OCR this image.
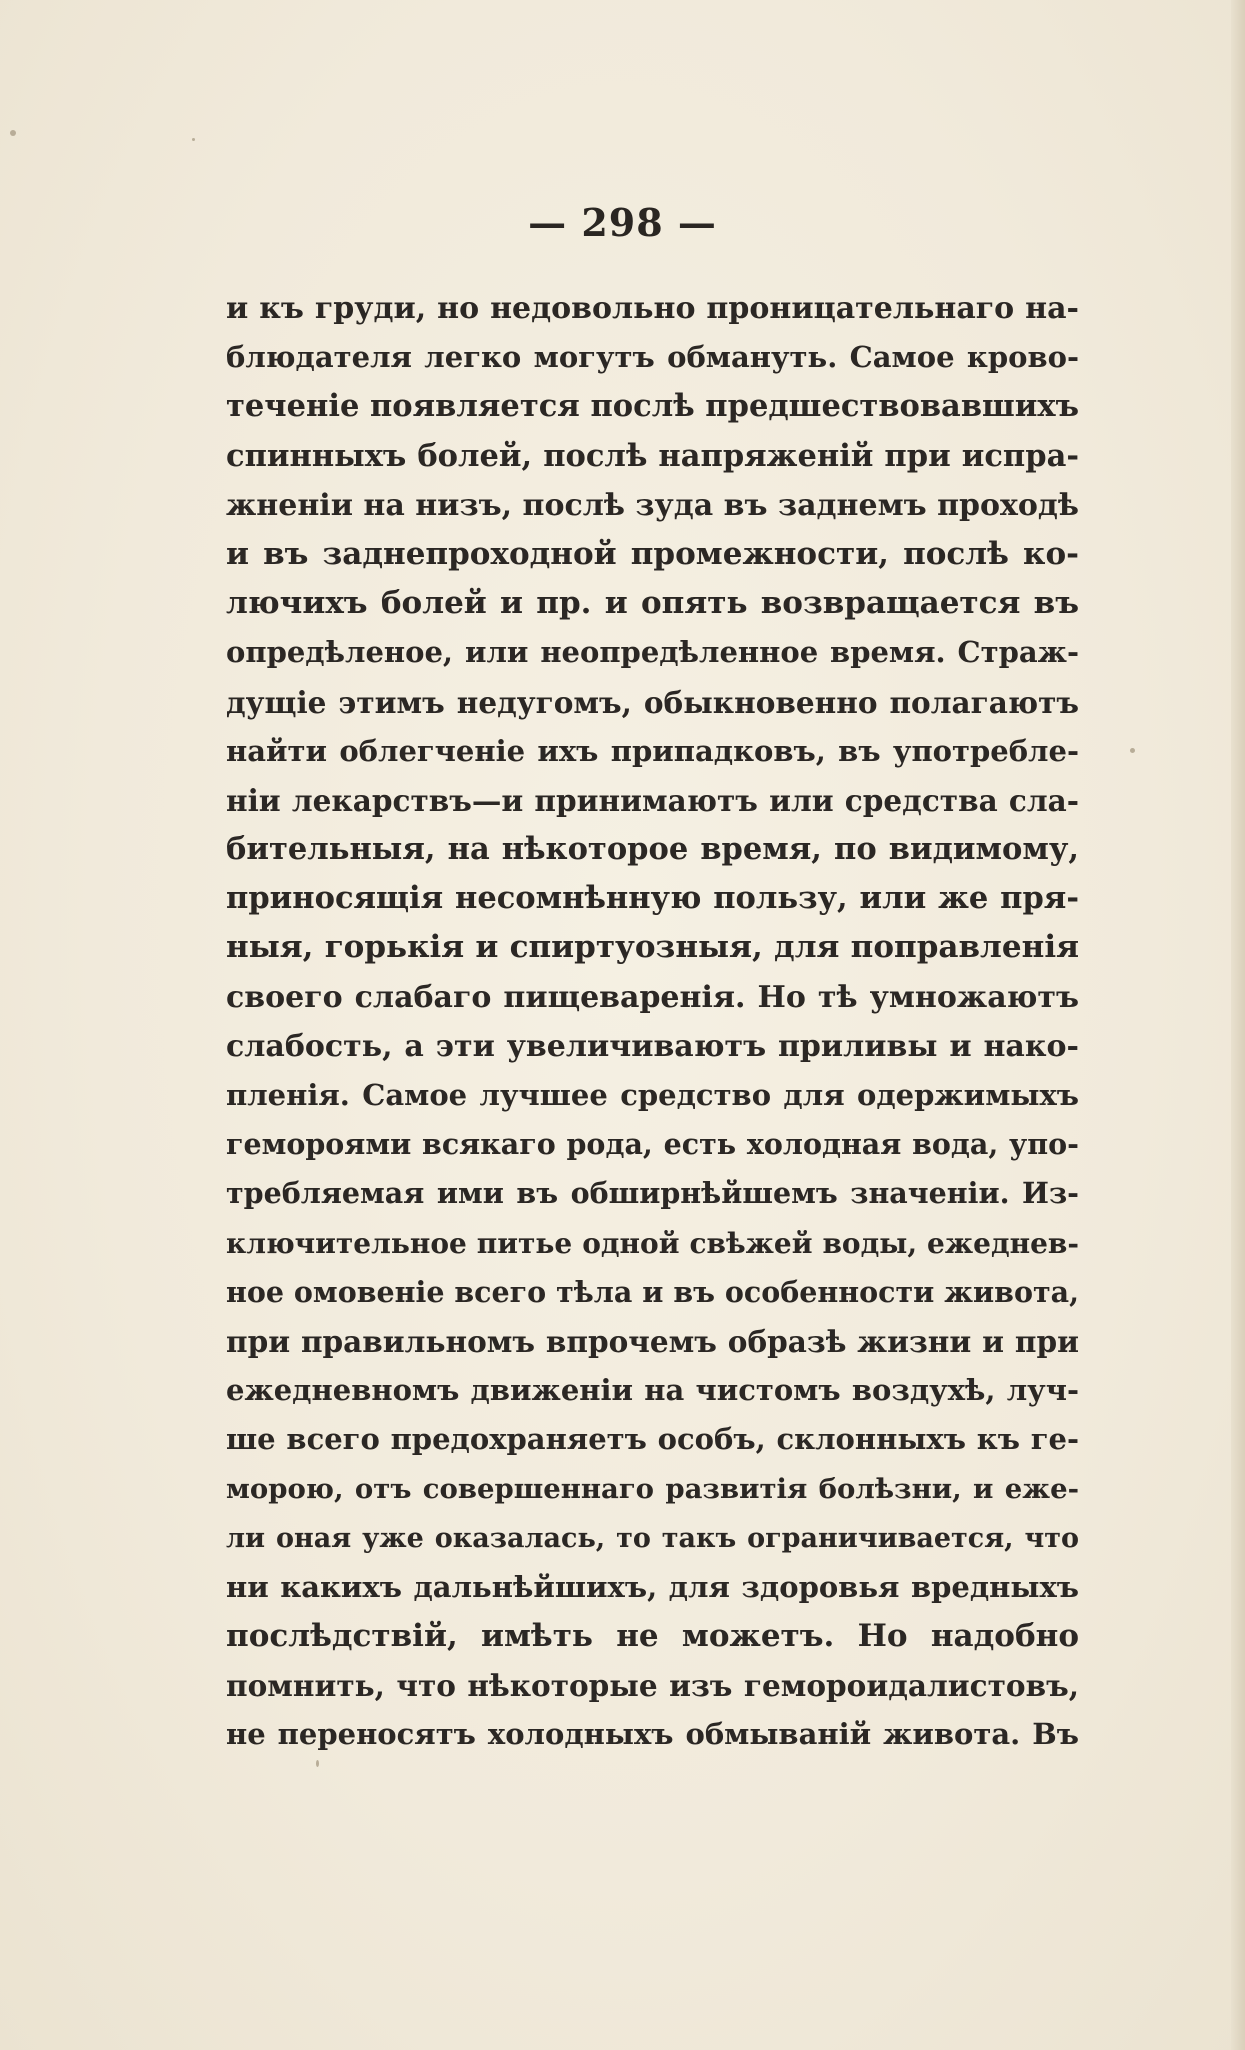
— 298 —
и къ груди, но недовольно проницательнаго на-
блюдателя легко могутъ обмануть. Самое крово-
теченіе появляется послѣ предшествовавшихъ
спинныхъ болей, послѣ напряженій при испра-
жненіи на низъ, послѣ зуда въ заднемъ проходѣ
и въ заднепроходной промежности, послѣ ко-
лючихъ болей и пр. и опять возвращается въ
опредѣленое, или неопредѣленное время. Страж-
дущіе этимъ недугомъ, обыкновенно полагаютъ
найти облегченіе ихъ припадковъ, въ употребле-
ніи лекарствъ—и принимаютъ или средства сла-
бительныя, на нѣкоторое время, по видимому,
приносящія несомнѣнную пользу, или же пря-
ныя, горькія и спиртуозныя, для поправленія
своего слабаго пищеваренія. Но тѣ умножаютъ
слабость, а эти увеличиваютъ приливы и нако-
пленія. Самое лучшее средство для одержимыхъ
гемороями всякаго рода, есть холодная вода, упо-
требляемая ими въ обширнѣйшемъ значеніи. Из-
ключительное питье одной свѣжей воды, ежеднев-
ное омовеніе всего тѣла и въ особенности живота,
при правильномъ впрочемъ образѣ жизни и при
ежедневномъ движеніи на чистомъ воздухѣ, луч-
ше всего предохраняетъ особъ, склонныхъ къ ге-
морою, отъ совершеннаго развитія болѣзни, и еже-
ли оная уже оказалась, то такъ ограничивается, что
ни какихъ дальнѣйшихъ, для здоровья вредныхъ
послѣдствій, имѣть не можетъ. Но надобно
помнить, что нѣкоторые изъ гемороидалистовъ,
не переносятъ холодныхъ обмываній живота. Въ
